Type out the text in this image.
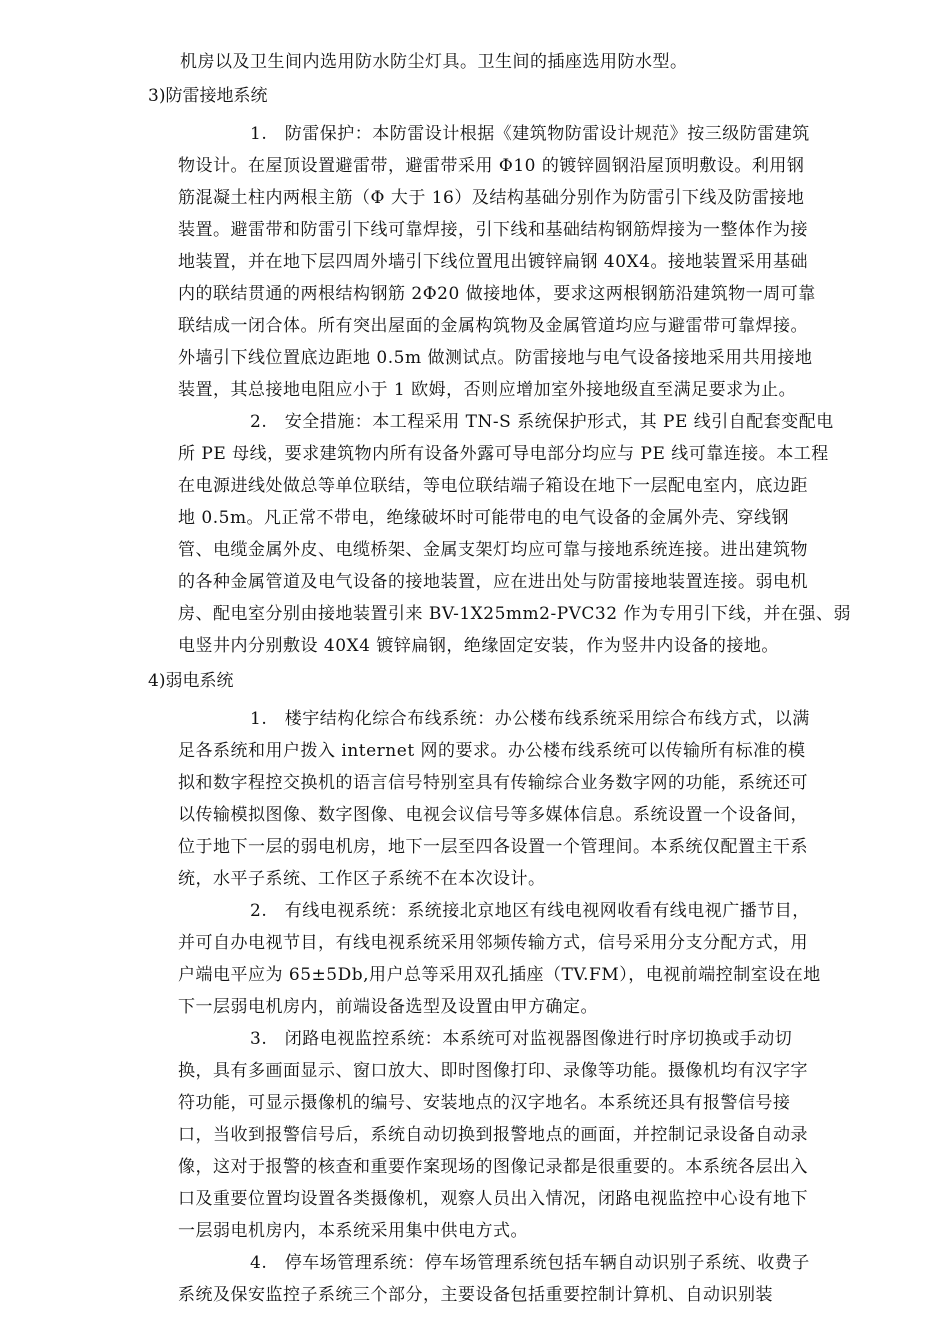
机房以及卫生间内选用防水防尘灯具。卫生间的插座选用防水型。

3)防雷接地系统

1.　防雷保护：本防雷设计根据《建筑物防雷设计规范》按三级防雷建筑

物设计。在屋顶设置避雷带，避雷带采用 Φ10 的镀锌圆钢沿屋顶明敷设。利用钢

筋混凝土柱内两根主筋（Φ 大于 16）及结构基础分别作为防雷引下线及防雷接地

装置。避雷带和防雷引下线可靠焊接，引下线和基础结构钢筋焊接为一整体作为接

地装置，并在地下层四周外墙引下线位置甩出镀锌扁钢 40X4。接地装置采用基础

内的联结贯通的两根结构钢筋 2Φ20 做接地体，要求这两根钢筋沿建筑物一周可靠

联结成一闭合体。所有突出屋面的金属构筑物及金属管道均应与避雷带可靠焊接。

外墙引下线位置底边距地 0.5m 做测试点。防雷接地与电气设备接地采用共用接地

装置，其总接地电阻应小于 1 欧姆，否则应增加室外接地级直至满足要求为止。

2.　安全措施：本工程采用 TN-S 系统保护形式，其 PE 线引自配套变配电

所 PE 母线，要求建筑物内所有设备外露可导电部分均应与 PE 线可靠连接。本工程

在电源进线处做总等单位联结，等电位联结端子箱设在地下一层配电室内，底边距

地 0.5m。凡正常不带电，绝缘破坏时可能带电的电气设备的金属外壳、穿线钢

管、电缆金属外皮、电缆桥架、金属支架灯均应可靠与接地系统连接。进出建筑物

的各种金属管道及电气设备的接地装置，应在进出处与防雷接地装置连接。弱电机

房、配电室分别由接地装置引来 BV-1X25mm2-PVC32 作为专用引下线，并在强、弱

电竖井内分别敷设 40X4 镀锌扁钢，绝缘固定安装，作为竖井内设备的接地。

4)弱电系统

1.　楼宇结构化综合布线系统：办公楼布线系统采用综合布线方式，以满

足各系统和用户拨入 internet 网的要求。办公楼布线系统可以传输所有标准的模

拟和数字程控交换机的语言信号特别室具有传输综合业务数字网的功能，系统还可

以传输模拟图像、数字图像、电视会议信号等多媒体信息。系统设置一个设备间，

位于地下一层的弱电机房，地下一层至四各设置一个管理间。本系统仅配置主干系

统，水平子系统、工作区子系统不在本次设计。

2.　有线电视系统：系统接北京地区有线电视网收看有线电视广播节目，

并可自办电视节目，有线电视系统采用邻频传输方式，信号采用分支分配方式，用

户端电平应为 65±5Db,用户总等采用双孔插座（TV.FM），电视前端控制室设在地

下一层弱电机房内，前端设备选型及设置由甲方确定。

3.　闭路电视监控系统：本系统可对监视器图像进行时序切换或手动切

换，具有多画面显示、窗口放大、即时图像打印、录像等功能。摄像机均有汉字字

符功能，可显示摄像机的编号、安装地点的汉字地名。本系统还具有报警信号接

口，当收到报警信号后，系统自动切换到报警地点的画面，并控制记录设备自动录

像，这对于报警的核查和重要作案现场的图像记录都是很重要的。本系统各层出入

口及重要位置均设置各类摄像机，观察人员出入情况，闭路电视监控中心设有地下

一层弱电机房内，本系统采用集中供电方式。

4.　停车场管理系统：停车场管理系统包括车辆自动识别子系统、收费子

系统及保安监控子系统三个部分，主要设备包括重要控制计算机、自动识别装
